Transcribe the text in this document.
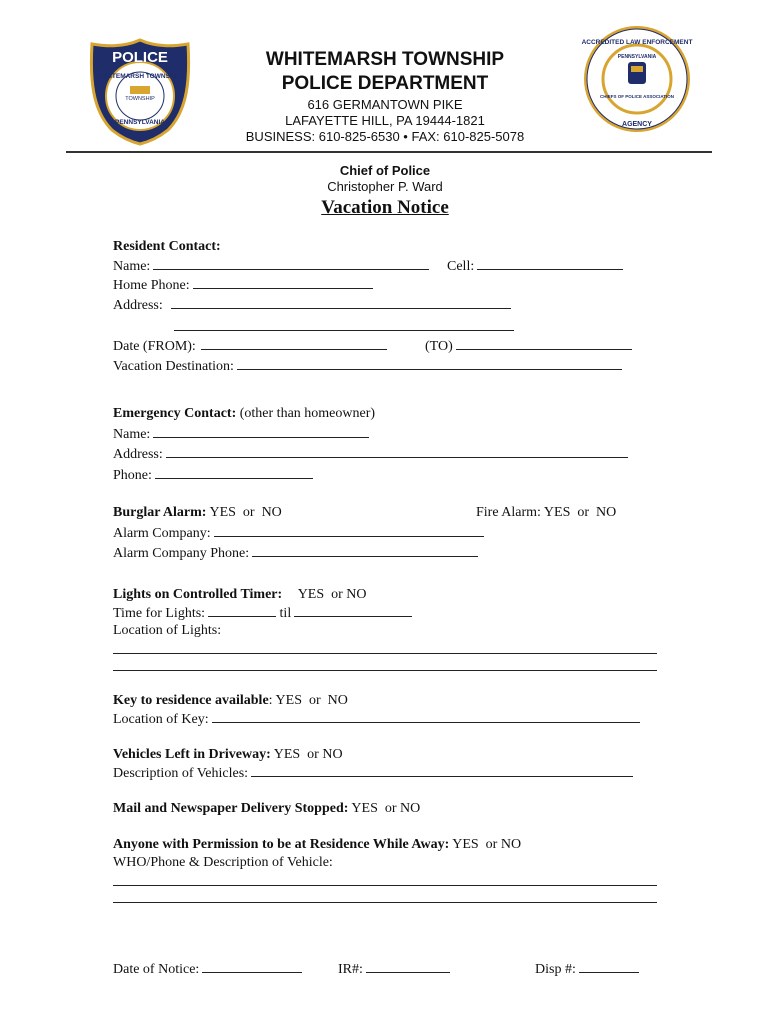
POLICE
WHITEMARSH TOWNSHIP
TOWNSHIP
PENNSYLVANIA
ACCREDITED LAW ENFORCEMENT
AGENCY
PENNSYLVANIA
CHIEFS OF POLICE ASSOCIATION
WHITEMARSH TOWNSHIP
POLICE DEPARTMENT
616 GERMANTOWN PIKE
LAFAYETTE HILL, PA 19444-1821
BUSINESS: 610-825-6530 • FAX: 610-825-5078
Chief of Police
Christopher P. Ward
Vacation Notice
Resident Contact:
Name:	Cell:
Home Phone:
Address:
Date (FROM):	(TO)
Vacation Destination:
Emergency Contact: (other than homeowner)
Name:
Address:
Phone:
Burglar Alarm: YES  or  NO	Fire Alarm: YES  or  NO
Alarm Company:
Alarm Company Phone:
Lights on Controlled Timer: YES  or NO
Time for Lights:	til
Location of Lights:
Key to residence available: YES  or  NO
Location of Key:
Vehicles Left in Driveway: YES  or NO
Description of Vehicles:
Mail and Newspaper Delivery Stopped: YES  or NO
Anyone with Permission to be at Residence While Away: YES  or NO
WHO/Phone & Description of Vehicle:
Date of Notice:	IR#:	Disp #:
